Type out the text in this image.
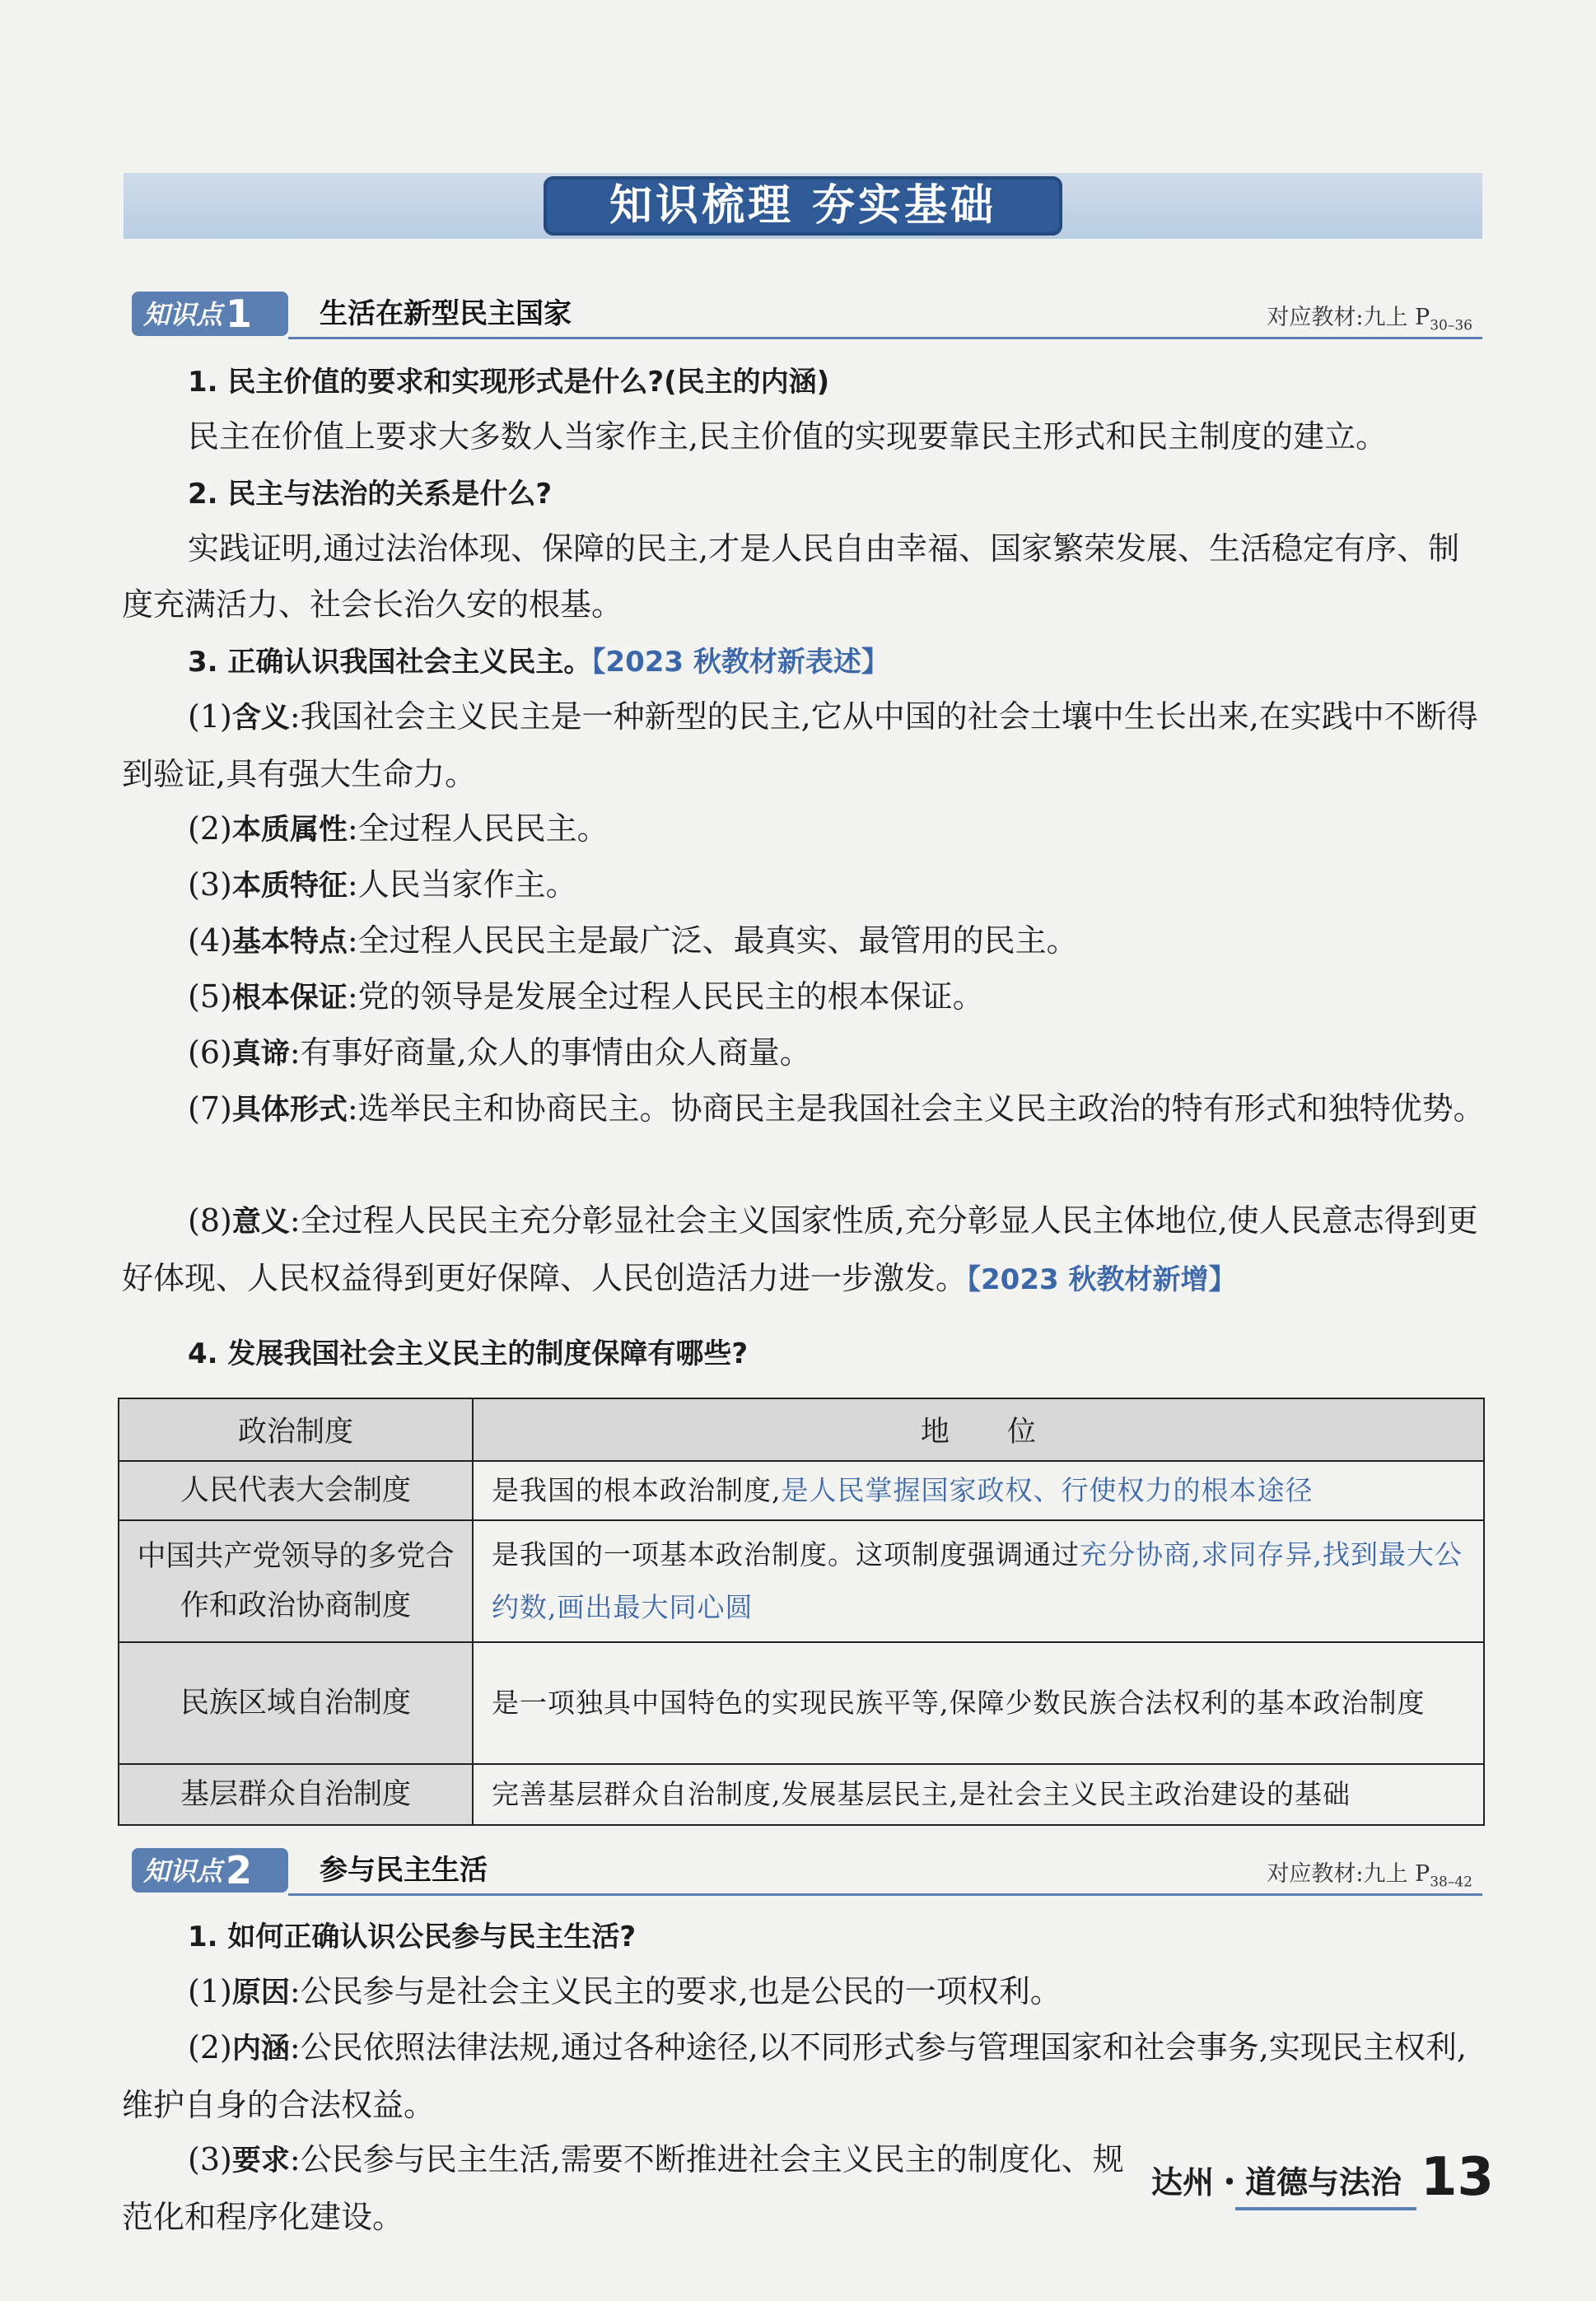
知识梳理 夯实基础
知识点1	生活在新型民主国家	对应教材:九上 $P_{30-36}$

1. 民主价值的要求和实现形式是什么?(民主的内涵)

民主在价值上要求大多数人当家作主,民主价值的实现要靠民主形式和民主制度的建立。

2. 民主与法治的关系是什么?

实践证明,通过法治体现、保障的民主,才是人民自由幸福、国家繁荣发展、生活稳定有序、制度充满活力、社会长治久安的根基。

3. 正确认识我国社会主义民主。【2023 秋教材新表述】

(1)含义:我国社会主义民主是一种新型的民主,它从中国的社会土壤中生长出来,在实践中不断得到验证,具有强大生命力。

(2)本质属性:全过程人民民主。

(3)本质特征:人民当家作主。

(4)基本特点:全过程人民民主是最广泛、最真实、最管用的民主。

(5)根本保证:党的领导是发展全过程人民民主的根本保证。

(6)真谛:有事好商量,众人的事情由众人商量。

(7)具体形式:选举民主和协商民主。协商民主是我国社会主义民主政治的特有形式和独特优势。

(8)意义:全过程人民民主充分彰显社会主义国家性质,充分彰显人民主体地位,使人民意志得到更好体现、人民权益得到更好保障、人民创造活力进一步激发。【2023 秋教材新增】

4. 发展我国社会主义民主的制度保障有哪些?

政治制度	地　　位
人民代表大会制度	是我国的根本政治制度,是人民掌握国家政权、行使权力的根本途径
中国共产党领导的多党合作和政治协商制度	是我国的一项基本政治制度。这项制度强调通过充分协商,求同存异,找到最大公约数,画出最大同心圆
民族区域自治制度	是一项独具中国特色的实现民族平等,保障少数民族合法权利的基本政治制度
基层群众自治制度	完善基层群众自治制度,发展基层民主,是社会主义民主政治建设的基础
知识点2	参与民主生活	对应教材:九上 $P_{38-42}$

1. 如何正确认识公民参与民主生活?

(1)原因:公民参与是社会主义民主的要求,也是公民的一项权利。

(2)内涵:公民依照法律法规,通过各种途径,以不同形式参与管理国家和社会事务,实现民主权利,维护自身的合法权益。

(3)要求:公民参与民主生活,需要不断推进社会主义民主的制度化、规范化和程序化建设。

达州・道德与法治 13
